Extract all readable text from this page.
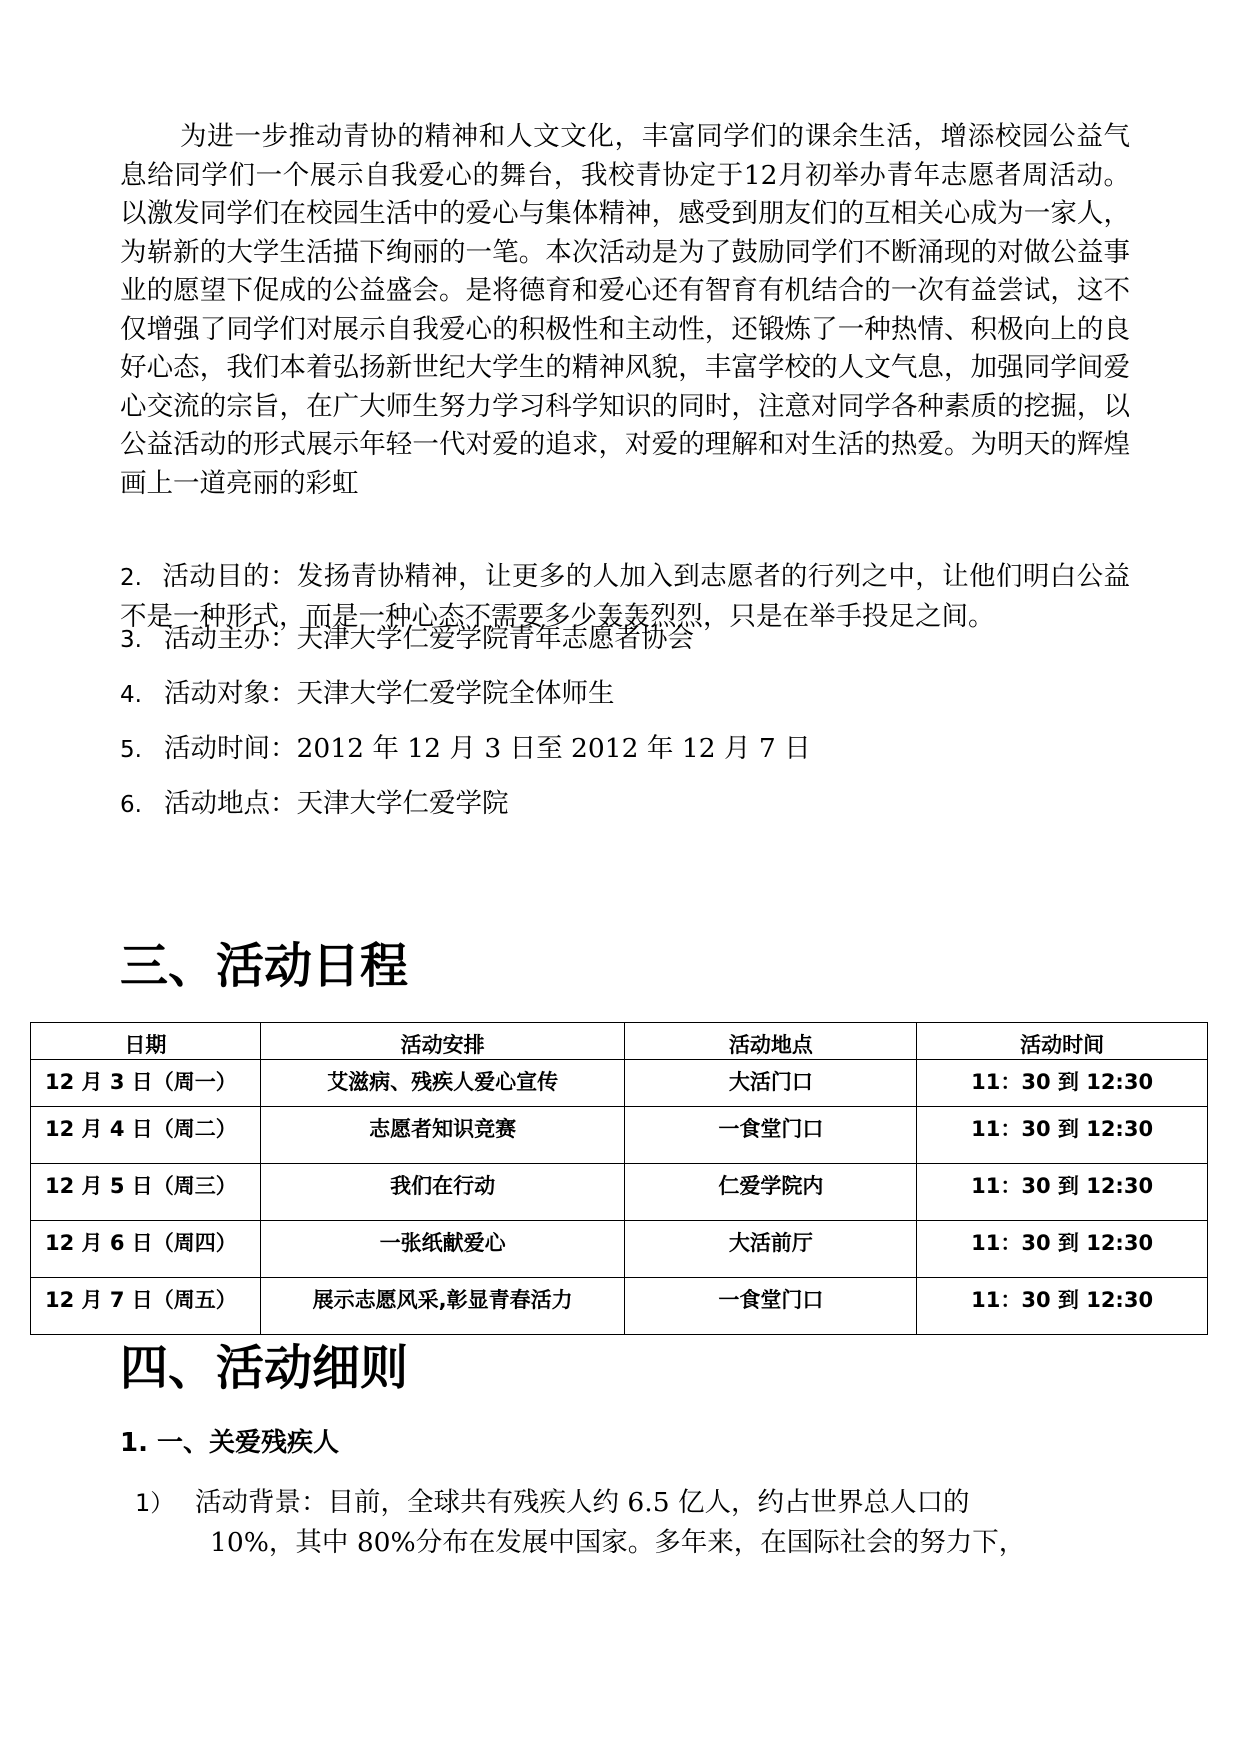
为进一步推动青协的精神和人文文化，丰富同学们的课余生活，增添校园公益气息给同学们一个展示自我爱心的舞台，我校青协定于12月初举办青年志愿者周活动。以激发同学们在校园生活中的爱心与集体精神，感受到朋友们的互相关心成为一家人，为崭新的大学生活描下绚丽的一笔。本次活动是为了鼓励同学们不断涌现的对做公益事业的愿望下促成的公益盛会。是将德育和爱心还有智育有机结合的一次有益尝试，这不仅增强了同学们对展示自我爱心的积极性和主动性，还锻炼了一种热情、积极向上的良好心态，我们本着弘扬新世纪大学生的精神风貌，丰富学校的人文气息，加强同学间爱心交流的宗旨，在广大师生努力学习科学知识的同时，注意对同学各种素质的挖掘，以公益活动的形式展示年轻一代对爱的追求，对爱的理解和对生活的热爱。为明天的辉煌画上一道亮丽的彩虹

2. 活动目的：发扬青协精神，让更多的人加入到志愿者的行列之中，让他们明白公益不是一种形式，而是一种心态不需要多少轰轰烈烈，只是在举手投足之间。

3. 活动主办：天津大学仁爱学院青年志愿者协会

4. 活动对象：天津大学仁爱学院全体师生

5. 活动时间：2012 年 12 月 3 日至 2012 年 12 月 7 日

6. 活动地点：天津大学仁爱学院

三、活动日程
日期	活动安排	活动地点	活动时间
12 月 3 日（周一）	艾滋病、残疾人爱心宣传	大活门口	11：30 到 12:30
12 月 4 日（周二）	志愿者知识竞赛	一食堂门口	11：30 到 12:30
12 月 5 日（周三）	我们在行动	仁爱学院内	11：30 到 12:30
12 月 6 日（周四）	一张纸献爱心	大活前厅	11：30 到 12:30
12 月 7 日（周五）	展示志愿风采,彰显青春活力	一食堂门口	11：30 到 12:30
四、活动细则
1. 一、关爱残疾人

1） 活动背景：目前，全球共有残疾人约 6.5 亿人，约占世界总人口的
10%，其中 80%分布在发展中国家。多年来，在国际社会的努力下，
